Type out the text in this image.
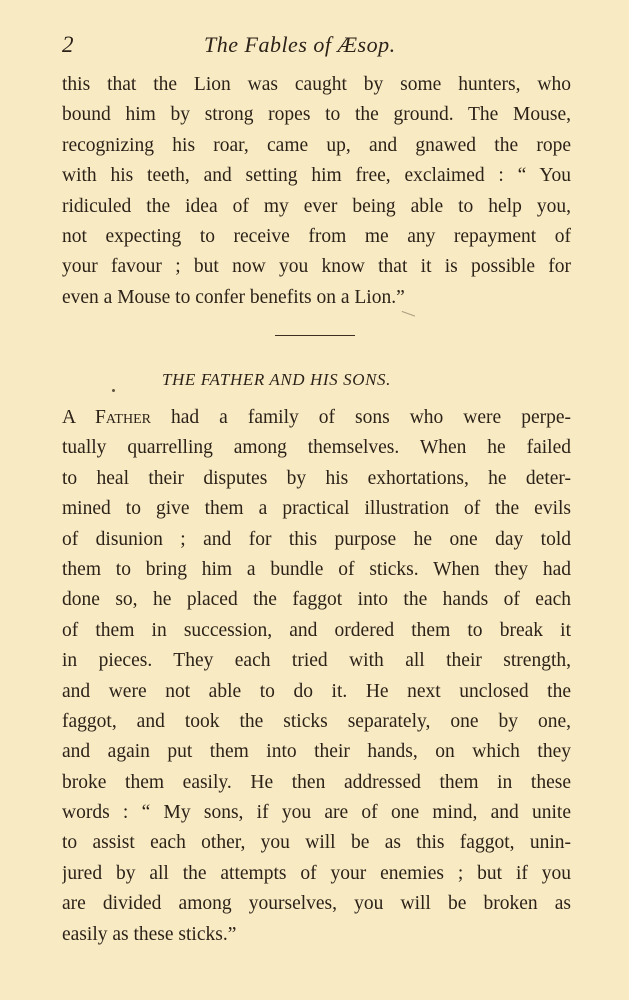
2	The Fables of Æsop.
this that the Lion was caught by some hunters, who
bound him by strong ropes to the ground. The Mouse,
recognizing his roar, came up, and gnawed the rope
with his teeth, and setting him free, exclaimed : “ You
ridiculed the idea of my ever being able to help you,
not expecting to receive from me any repayment of
your favour ; but now you know that it is possible for
even a Mouse to confer benefits on a Lion.”
THE FATHER AND HIS SONS.
A Father had a family of sons who were perpe-
tually quarrelling among themselves. When he failed
to heal their disputes by his exhortations, he deter-
mined to give them a practical illustration of the evils
of disunion ; and for this purpose he one day told
them to bring him a bundle of sticks. When they had
done so, he placed the faggot into the hands of each
of them in succession, and ordered them to break it
in pieces. They each tried with all their strength,
and were not able to do it. He next unclosed the
faggot, and took the sticks separately, one by one,
and again put them into their hands, on which they
broke them easily. He then addressed them in these
words : “ My sons, if you are of one mind, and unite
to assist each other, you will be as this faggot, unin-
jured by all the attempts of your enemies ; but if you
are divided among yourselves, you will be broken as
easily as these sticks.”
